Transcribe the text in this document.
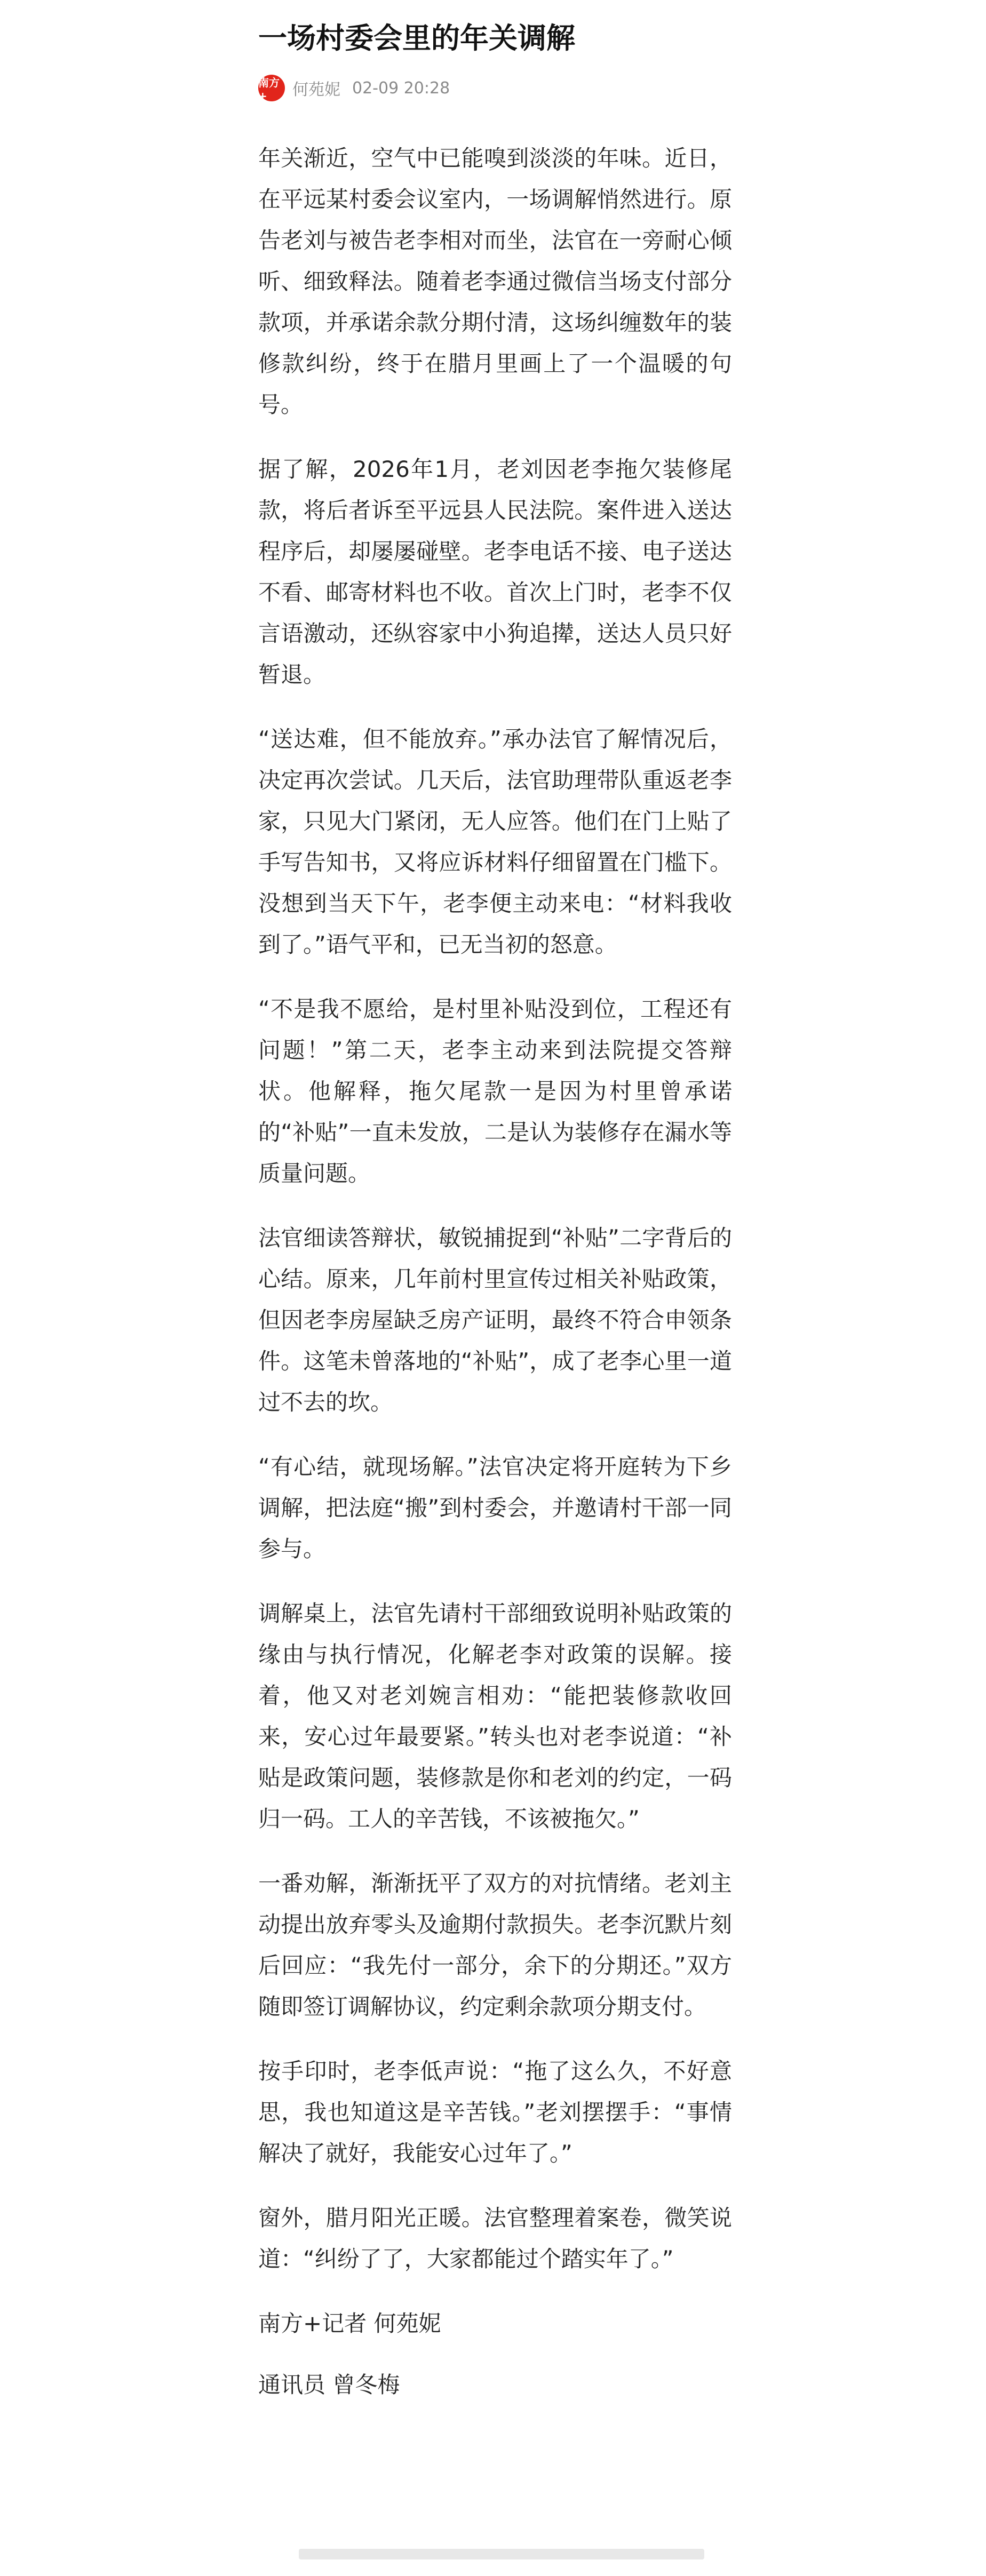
一场村委会里的年关调解
南方+	何苑妮 02-09 20:28

年关渐近，空气中已能嗅到淡淡的年味。近日，在平远某村委会议室内，一场调解悄然进行。原告老刘与被告老李相对而坐，法官在一旁耐心倾听、细致释法。随着老李通过微信当场支付部分款项，并承诺余款分期付清，这场纠缠数年的装修款纠纷，终于在腊月里画上了一个温暖的句号。

据了解，2026年1月，老刘因老李拖欠装修尾款，将后者诉至平远县人民法院。案件进入送达程序后，却屡屡碰壁。老李电话不接、电子送达不看、邮寄材料也不收。首次上门时，老李不仅言语激动，还纵容家中小狗追撵，送达人员只好暂退。

“送达难，但不能放弃。”承办法官了解情况后，决定再次尝试。几天后，法官助理带队重返老李家，只见大门紧闭，无人应答。他们在门上贴了手写告知书，又将应诉材料仔细留置在门槛下。没想到当天下午，老李便主动来电：“材料我收到了。”语气平和，已无当初的怒意。

“不是我不愿给，是村里补贴没到位，工程还有问题！”第二天，老李主动来到法院提交答辩状。他解释，拖欠尾款一是因为村里曾承诺的“补贴”一直未发放，二是认为装修存在漏水等质量问题。

法官细读答辩状，敏锐捕捉到“补贴”二字背后的心结。原来，几年前村里宣传过相关补贴政策，但因老李房屋缺乏房产证明，最终不符合申领条件。这笔未曾落地的“补贴”，成了老李心里一道过不去的坎。

“有心结，就现场解。”法官决定将开庭转为下乡调解，把法庭“搬”到村委会，并邀请村干部一同参与。

调解桌上，法官先请村干部细致说明补贴政策的缘由与执行情况，化解老李对政策的误解。接着，他又对老刘婉言相劝：“能把装修款收回来，安心过年最要紧。”转头也对老李说道：“补贴是政策问题，装修款是你和老刘的约定，一码归一码。工人的辛苦钱，不该被拖欠。”

一番劝解，渐渐抚平了双方的对抗情绪。老刘主动提出放弃零头及逾期付款损失。老李沉默片刻后回应：“我先付一部分，余下的分期还。”双方随即签订调解协议，约定剩余款项分期支付。

按手印时，老李低声说：“拖了这么久，不好意思，我也知道这是辛苦钱。”老刘摆摆手：“事情解决了就好，我能安心过年了。”

窗外，腊月阳光正暖。法官整理着案卷，微笑说道：“纠纷了了，大家都能过个踏实年了。”

南方+记者 何苑妮

通讯员 曾冬梅
